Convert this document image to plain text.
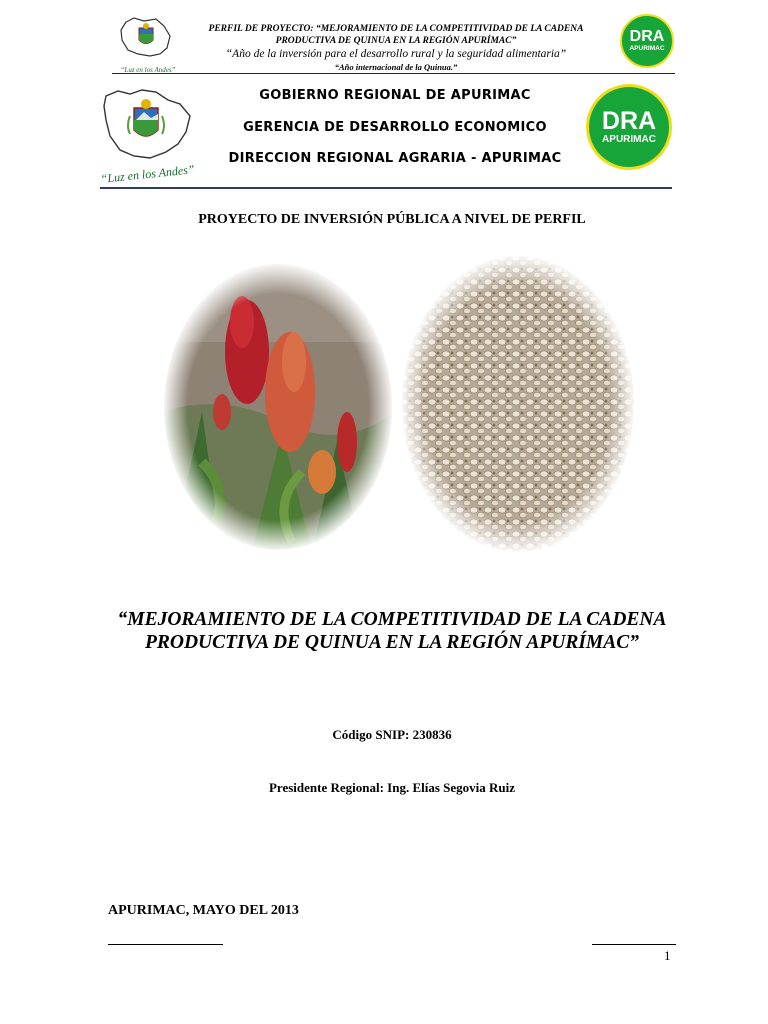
“Luz en los Andes”
PERFIL DE PROYECTO: “MEJORAMIENTO DE LA COMPETITIVIDAD DE LA CADENA
PRODUCTIVA DE QUINUA EN LA REGIÓN APURÍMAC”
“Año de la inversión para el desarrollo rural y la seguridad alimentaria”
“Año internacional de la Quinua.”
DRA
APURIMAC
“Luz en los Andes”
GOBIERNO REGIONAL DE APURIMAC
GERENCIA DE DESARROLLO ECONOMICO
DIRECCION REGIONAL AGRARIA - APURIMAC
DRA
APURIMAC
PROYECTO DE INVERSIÓN PÚBLICA A NIVEL DE PERFIL
“MEJORAMIENTO DE LA COMPETITIVIDAD DE LA CADENA PRODUCTIVA DE QUINUA EN LA REGIÓN APURÍMAC”
Código SNIP: 230836
Presidente Regional: Ing. Elías Segovia Ruiz
APURIMAC, MAYO DEL 2013
1
